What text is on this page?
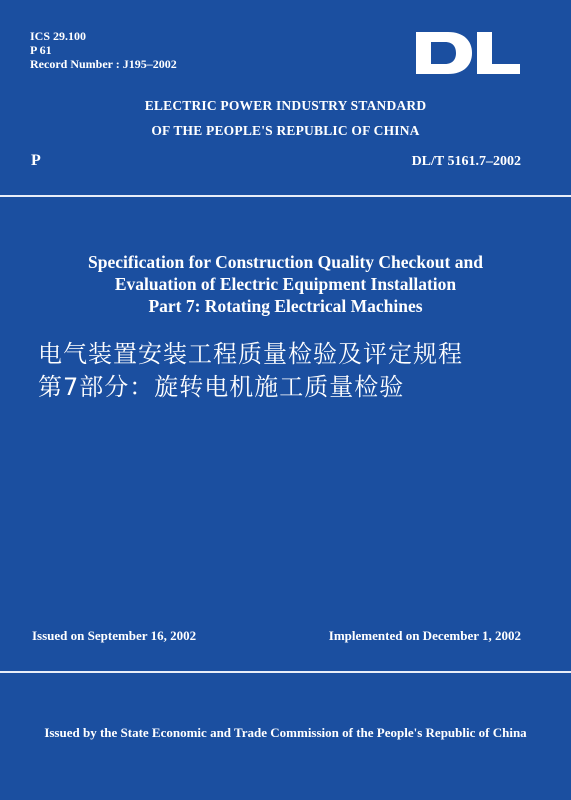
ICS 29.100
P 61
Record Number : J195–2002
ELECTRIC POWER INDUSTRY STANDARD
OF THE PEOPLE'S REPUBLIC OF CHINA
P	DL/T 5161.7–2002
Specification for Construction Quality Checkout and
Evaluation of Electric Equipment Installation
Part 7: Rotating Electrical Machines
电气装置安装工程质量检验及评定规程
第7部分：旋转电机施工质量检验
Issued on September 16, 2002	Implemented on December 1, 2002
Issued by the State Economic and Trade Commission of the People's Republic of China
